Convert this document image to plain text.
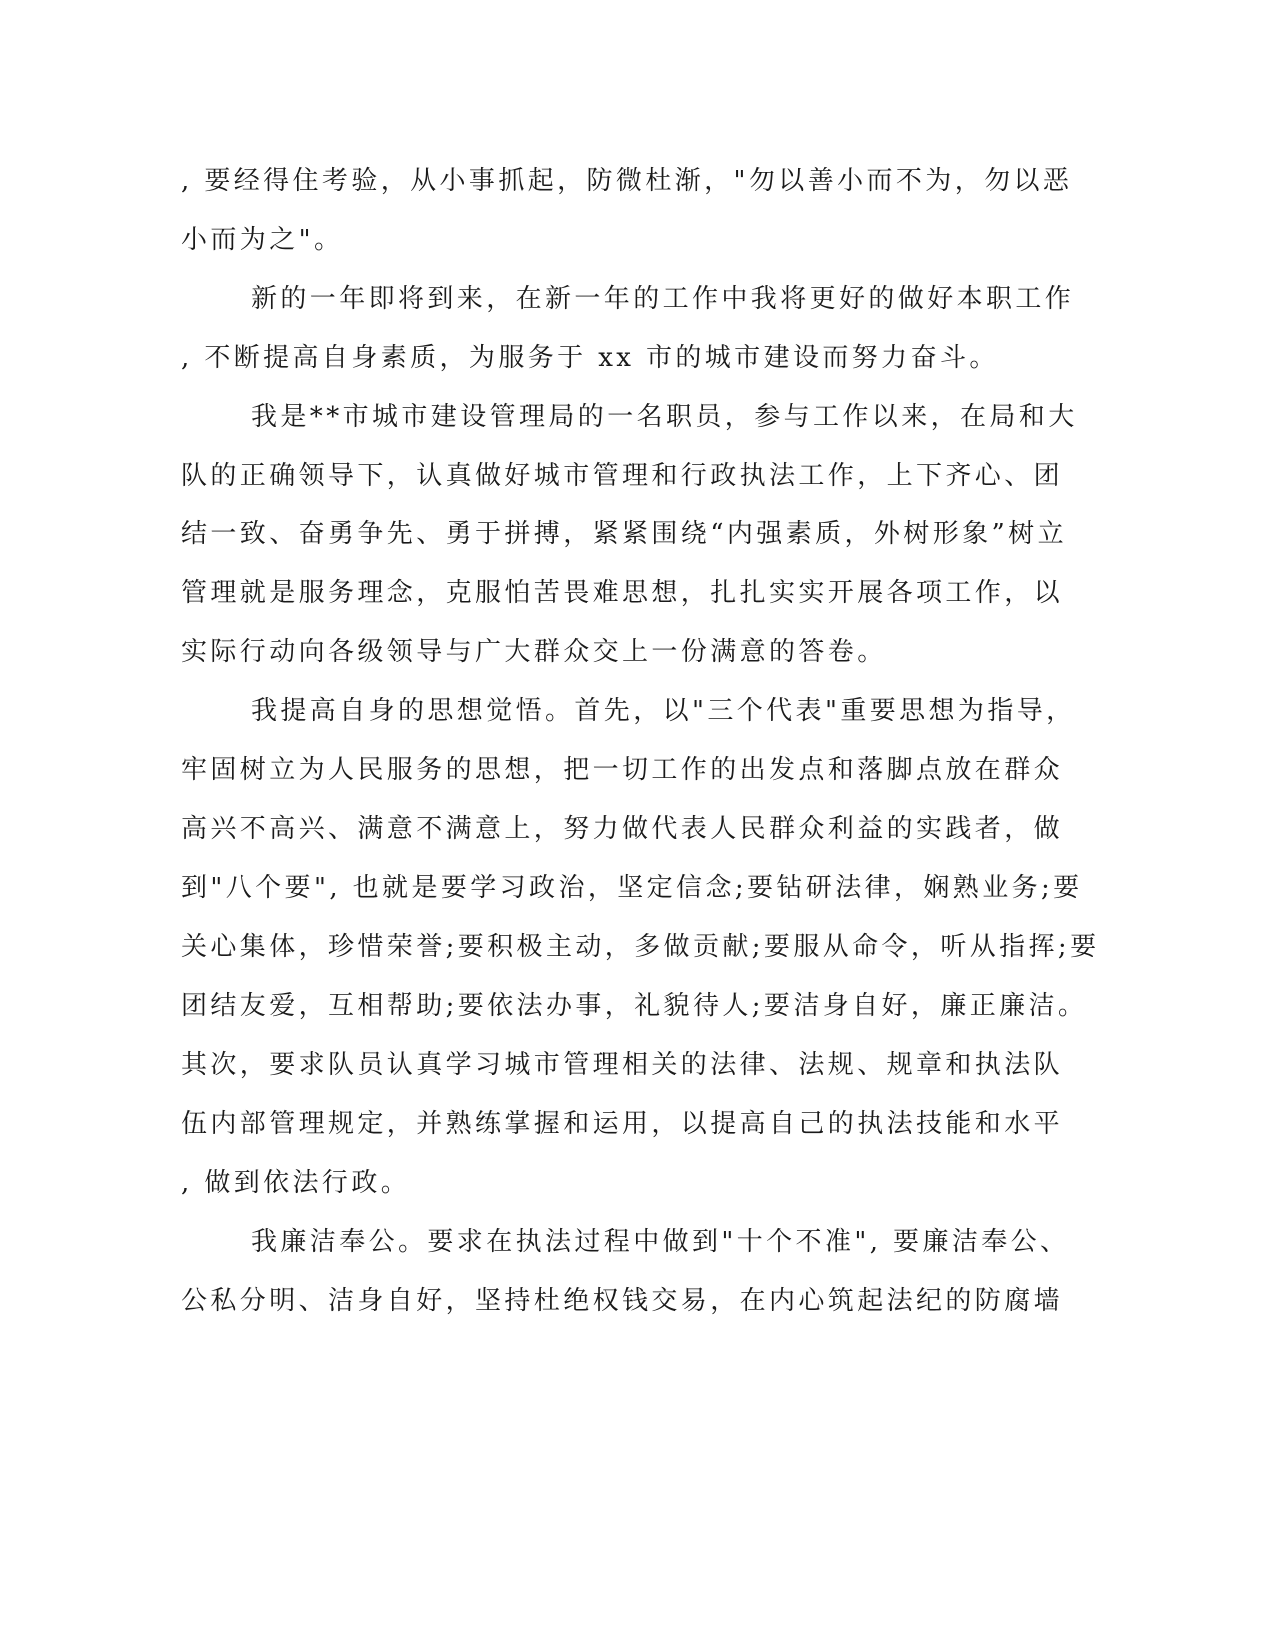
, 要经得住考验，从小事抓起，防微杜渐，"勿以善小而不为，勿以恶

小而为之"。

新的一年即将到来，在新一年的工作中我将更好的做好本职工作

, 不断提高自身素质，为服务于 xx 市的城市建设而努力奋斗。

我是**市城市建设管理局的一名职员，参与工作以来，在局和大

队的正确领导下，认真做好城市管理和行政执法工作，上下齐心、团

结一致、奋勇争先、勇于拼搏，紧紧围绕“内强素质，外树形象”树立

管理就是服务理念，克服怕苦畏难思想，扎扎实实开展各项工作，以

实际行动向各级领导与广大群众交上一份满意的答卷。

我提高自身的思想觉悟。首先，以"三个代表"重要思想为指导，

牢固树立为人民服务的思想，把一切工作的出发点和落脚点放在群众

高兴不高兴、满意不满意上，努力做代表人民群众利益的实践者，做

到"八个要", 也就是要学习政治，坚定信念;要钻研法律，娴熟业务;要

关心集体，珍惜荣誉;要积极主动，多做贡献;要服从命令，听从指挥;要

团结友爱，互相帮助;要依法办事，礼貌待人;要洁身自好，廉正廉洁。

其次，要求队员认真学习城市管理相关的法律、法规、规章和执法队

伍内部管理规定，并熟练掌握和运用，以提高自己的执法技能和水平

, 做到依法行政。

我廉洁奉公。要求在执法过程中做到"十个不准", 要廉洁奉公、

公私分明、洁身自好，坚持杜绝权钱交易，在内心筑起法纪的防腐墙
